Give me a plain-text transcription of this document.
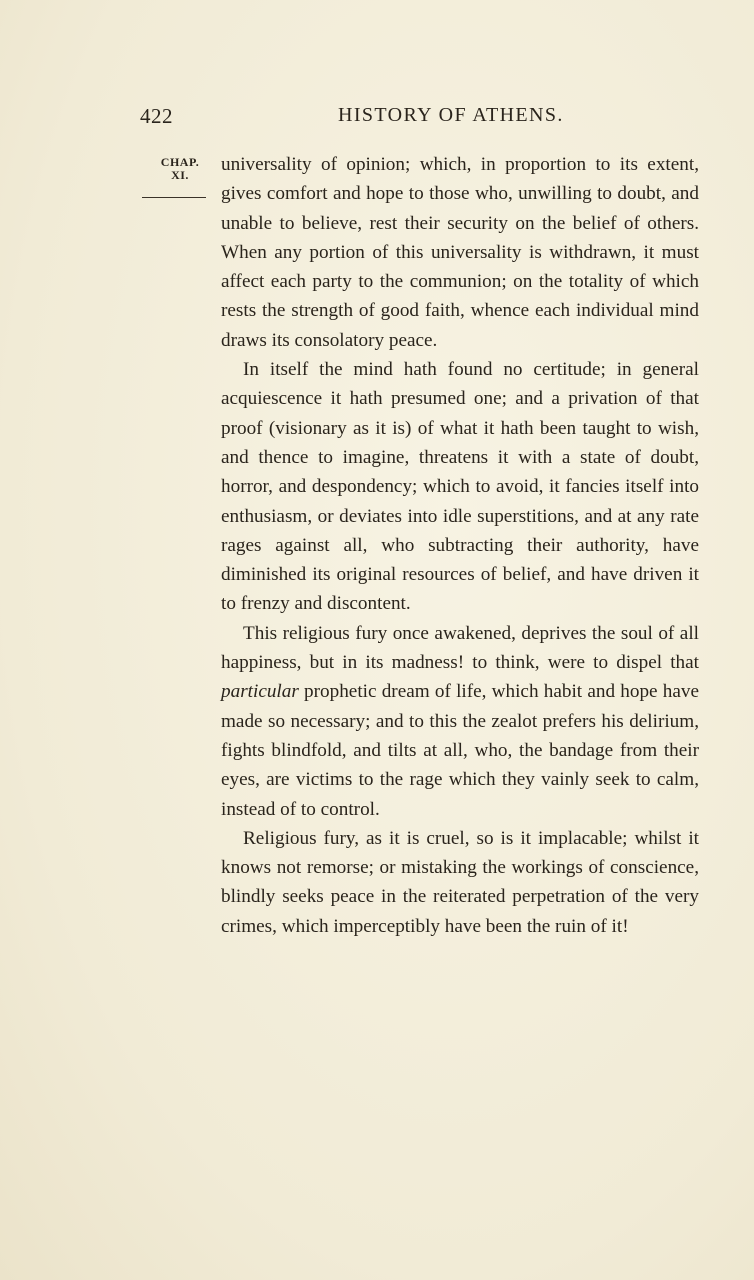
422	HISTORY OF ATHENS.
CHAP.
XI.	universality of opinion; which, in proportion to its extent, gives comfort and hope to those who, unwilling to doubt, and unable to believe, rest their security on the belief of others. When any portion of this universality is withdrawn, it must affect each party to the communion; on the totality of which rests the strength of good faith, whence each individual mind draws its consolatory peace.

In itself the mind hath found no certitude; in general acquiescence it hath presumed one; and a privation of that proof (visionary as it is) of what it hath been taught to wish, and thence to imagine, threatens it with a state of doubt, horror, and despondency; which to avoid, it fancies itself into enthusiasm, or deviates into idle superstitions, and at any rate rages against all, who subtracting their authority, have diminished its original resources of belief, and have driven it to frenzy and discontent.

This religious fury once awakened, deprives the soul of all happiness, but in its madness! to think, were to dispel that particular prophetic dream of life, which habit and hope have made so necessary; and to this the zealot prefers his delirium, fights blindfold, and tilts at all, who, the bandage from their eyes, are victims to the rage which they vainly seek to calm, instead of to control.

Religious fury, as it is cruel, so is it implacable; whilst it knows not remorse; or mistaking the workings of conscience, blindly seeks peace in the reiterated perpetration of the very crimes, which imperceptibly have been the ruin of it!
